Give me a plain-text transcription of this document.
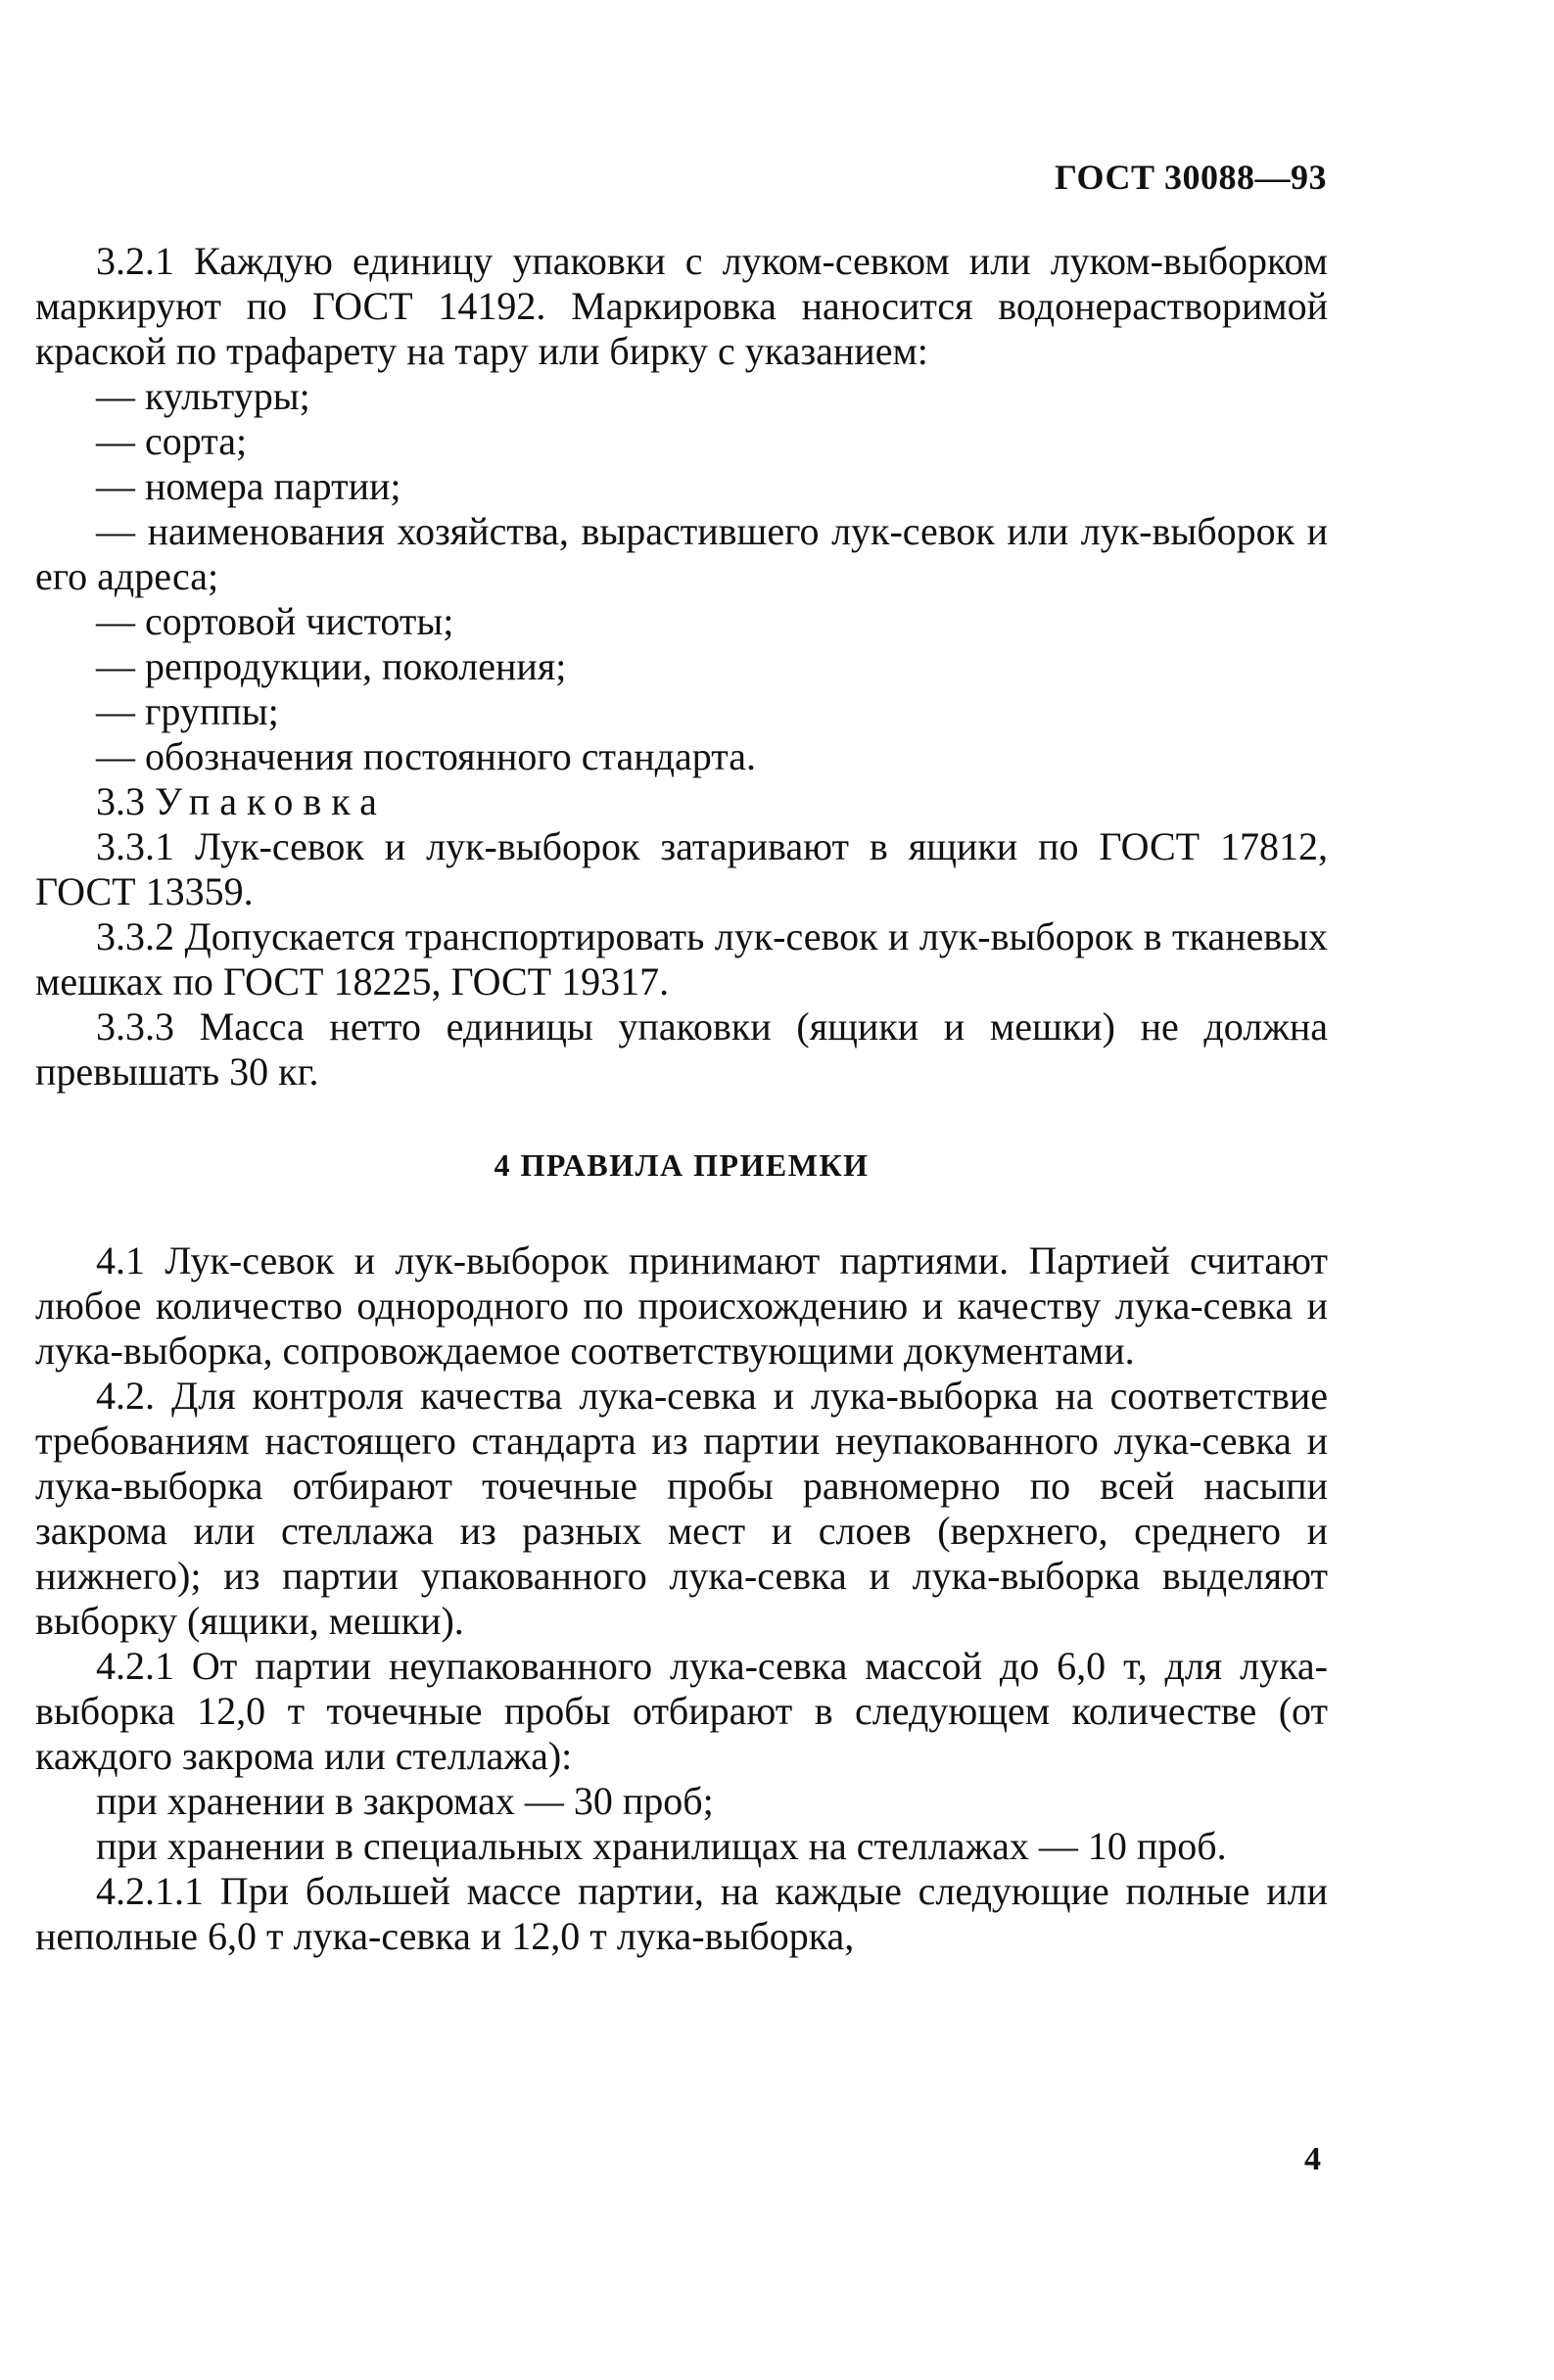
ГОСТ 30088—93

3.2.1 Каждую единицу упаковки с луком-севком или луком-выборком маркируют по ГОСТ 14192. Маркировка наносится водонерастворимой краской по трафарету на тару или бирку с указанием:

— культуры;

— сорта;

— номера партии;

— наименования хозяйства, вырастившего лук-севок или лук-выборок и его адреса;

— сортовой чистоты;

— репродукции, поколения;

— группы;

— обозначения постоянного стандарта.

3.3 Упаковка

3.3.1 Лук-севок и лук-выборок затаривают в ящики по ГОСТ 17812, ГОСТ 13359.

3.3.2 Допускается транспортировать лук-севок и лук-выборок в тканевых мешках по ГОСТ 18225, ГОСТ 19317.

3.3.3 Масса нетто единицы упаковки (ящики и мешки) не должна превышать 30 кг.

4 ПРАВИЛА ПРИЕМКИ

4.1 Лук-севок и лук-выборок принимают партиями. Партией считают любое количество однородного по происхождению и качеству лука-севка и лука-выборка, сопровождаемое соответствующими документами.

4.2. Для контроля качества лука-севка и лука-выборка на соответствие требованиям настоящего стандарта из партии неупакованного лука-севка и лука-выборка отбирают точечные пробы равномерно по всей насыпи закрома или стеллажа из разных мест и слоев (верхнего, среднего и нижнего); из партии упакованного лука-севка и лука-выборка выделяют выборку (ящики, мешки).

4.2.1 От партии неупакованного лука-севка массой до 6,0 т, для лука-выборка 12,0 т точечные пробы отбирают в следующем количестве (от каждого закрома или стеллажа):

при хранении в закромах — 30 проб;

при хранении в специальных хранилищах на стеллажах — 10 проб.

4.2.1.1 При большей массе партии, на каждые следующие полные или неполные 6,0 т лука-севка и 12,0 т лука-выборка,

4
